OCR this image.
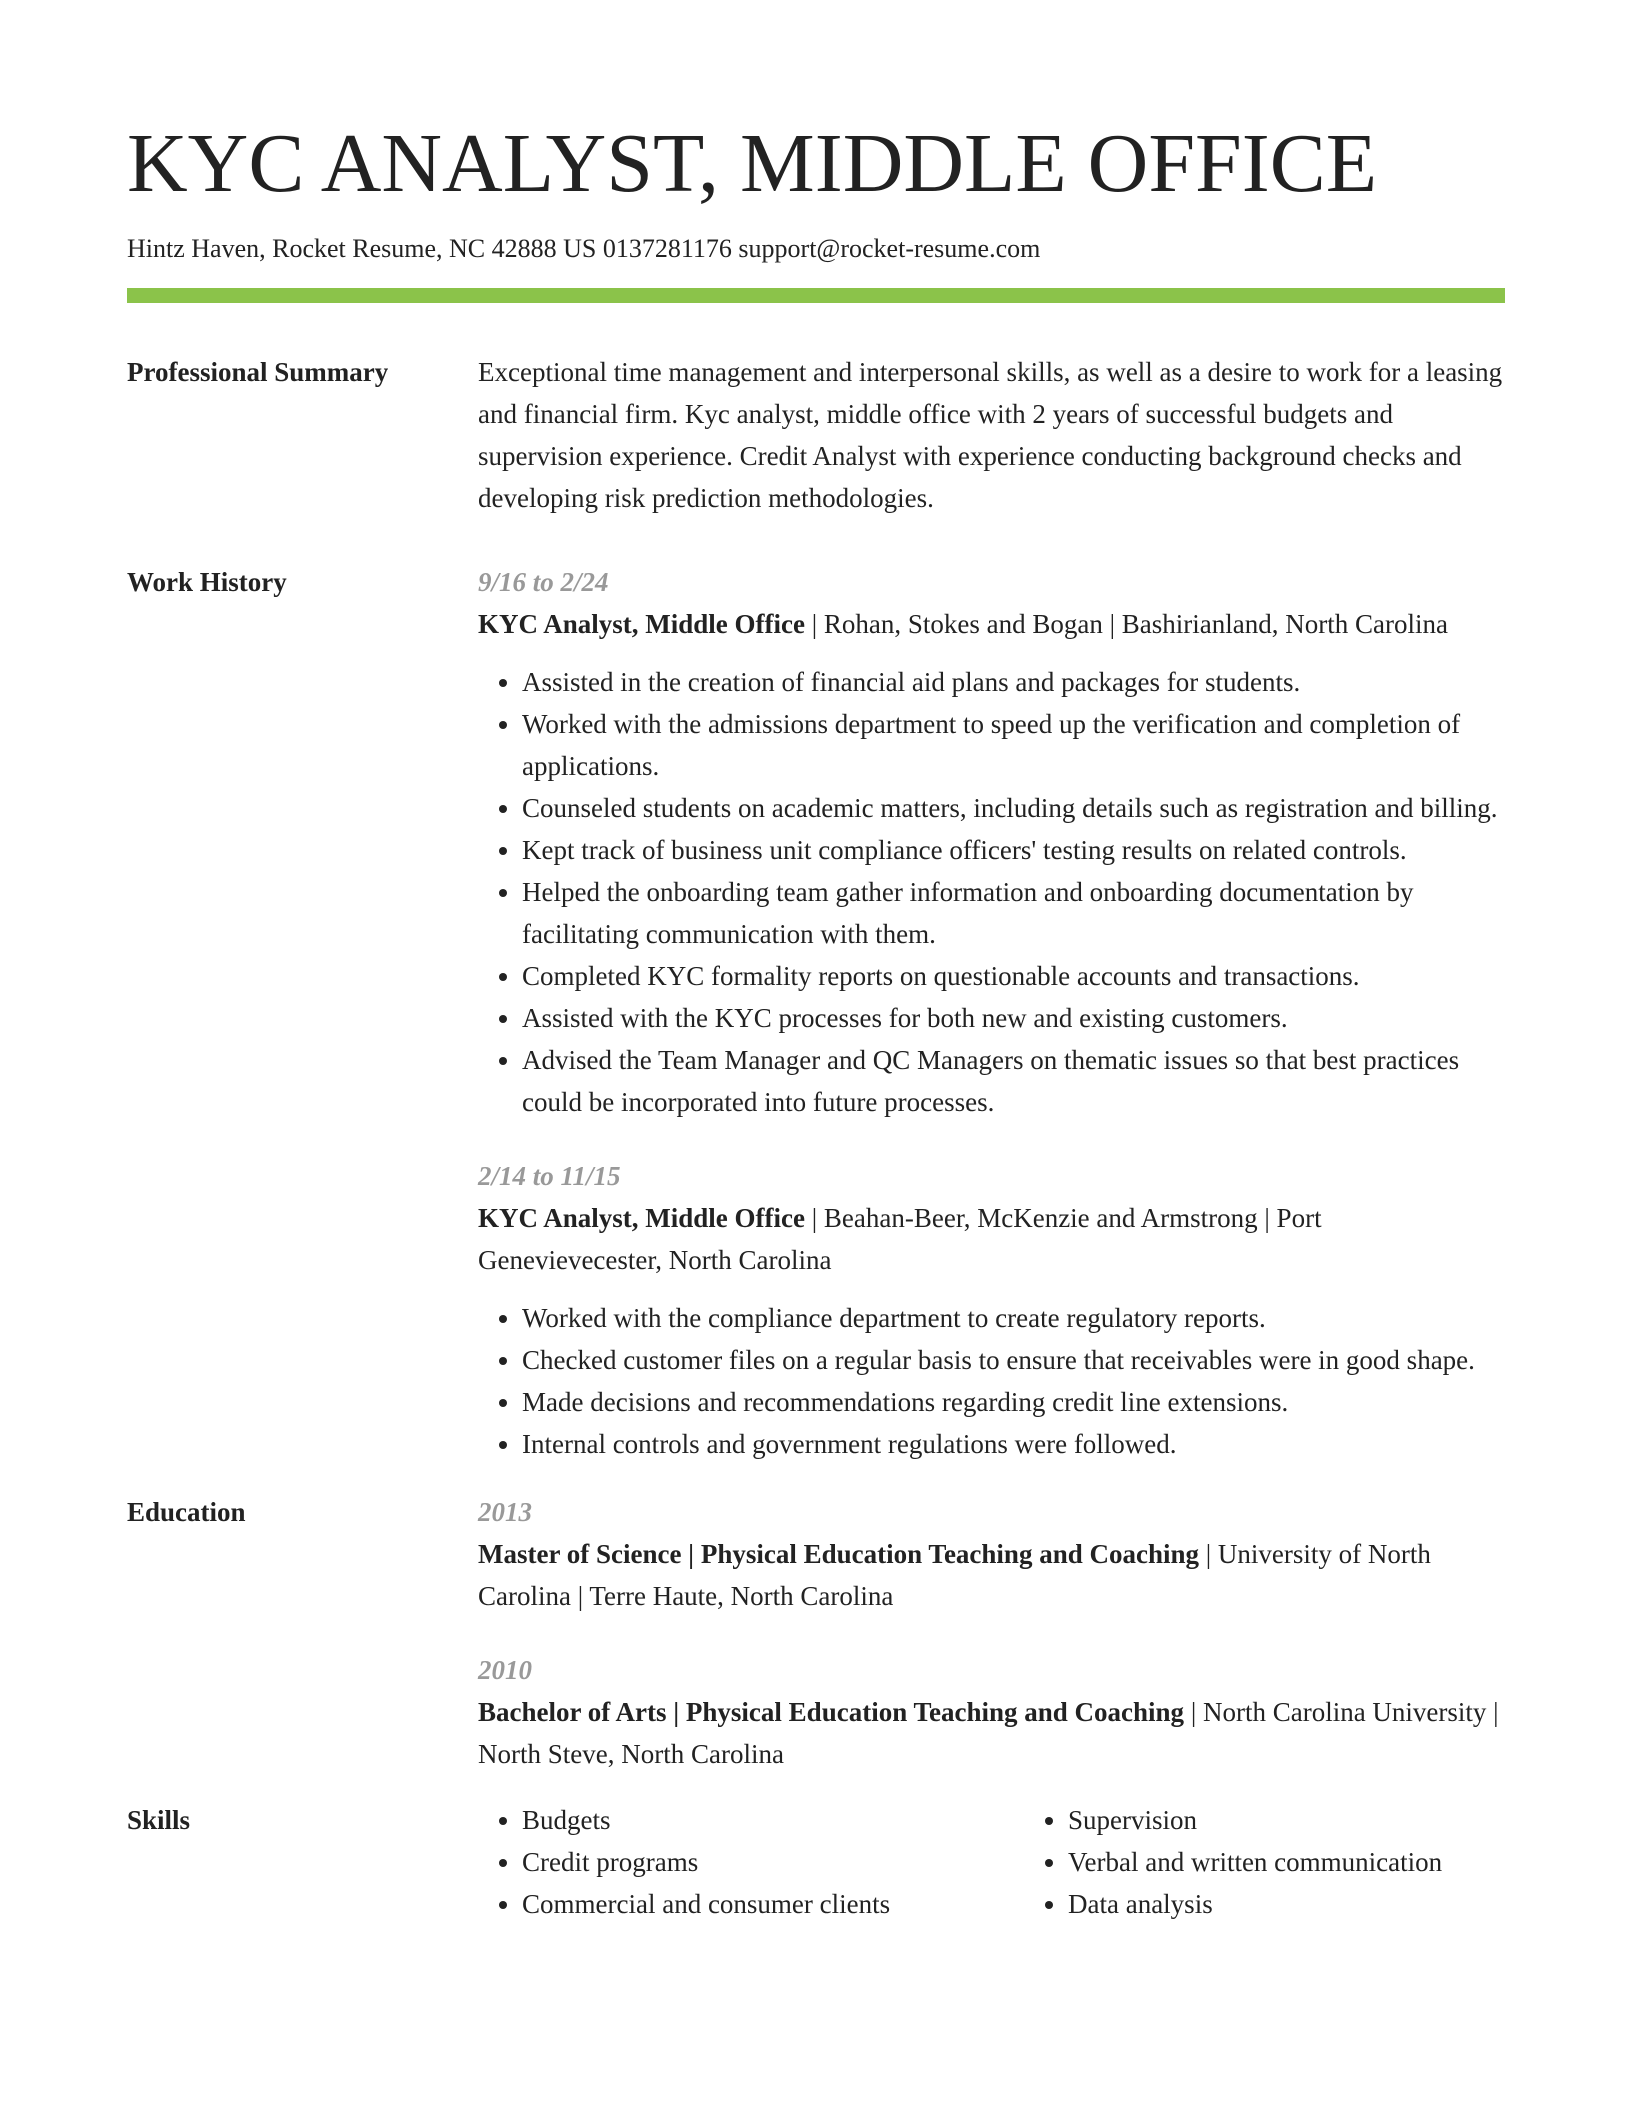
KYC ANALYST, MIDDLE OFFICE
Hintz Haven, Rocket Resume, NC 42888 US 0137281176 support@rocket-resume.com
Professional Summary	Exceptional time management and interpersonal skills, as well as a desire to work for a leasing and financial firm. Kyc analyst, middle office with 2 years of successful budgets and supervision experience. Credit Analyst with experience conducting background checks and developing risk prediction methodologies.
Work History	9/16 to 2/24
KYC Analyst, Middle Office | Rohan, Stokes and Bogan | Bashirianland, North Carolina
• Assisted in the creation of financial aid plans and packages for students.
• Worked with the admissions department to speed up the verification and completion of applications.
• Counseled students on academic matters, including details such as registration and billing.
• Kept track of business unit compliance officers' testing results on related controls.
• Helped the onboarding team gather information and onboarding documentation by facilitating communication with them.
• Completed KYC formality reports on questionable accounts and transactions.
• Assisted with the KYC processes for both new and existing customers.
• Advised the Team Manager and QC Managers on thematic issues so that best practices could be incorporated into future processes.
2/14 to 11/15
KYC Analyst, Middle Office | Beahan-Beer, McKenzie and Armstrong | Port Genevievecester, North Carolina
• Worked with the compliance department to create regulatory reports.
• Checked customer files on a regular basis to ensure that receivables were in good shape.
• Made decisions and recommendations regarding credit line extensions.
• Internal controls and government regulations were followed.
Education	2013
Master of Science | Physical Education Teaching and Coaching | University of North Carolina | Terre Haute, North Carolina
2010
Bachelor of Arts | Physical Education Teaching and Coaching | North Carolina University | North Steve, North Carolina
Skills
•	Budgets
• Credit programs
• Commercial and consumer clients
• Supervision
• Verbal and written communication
• Data analysis
